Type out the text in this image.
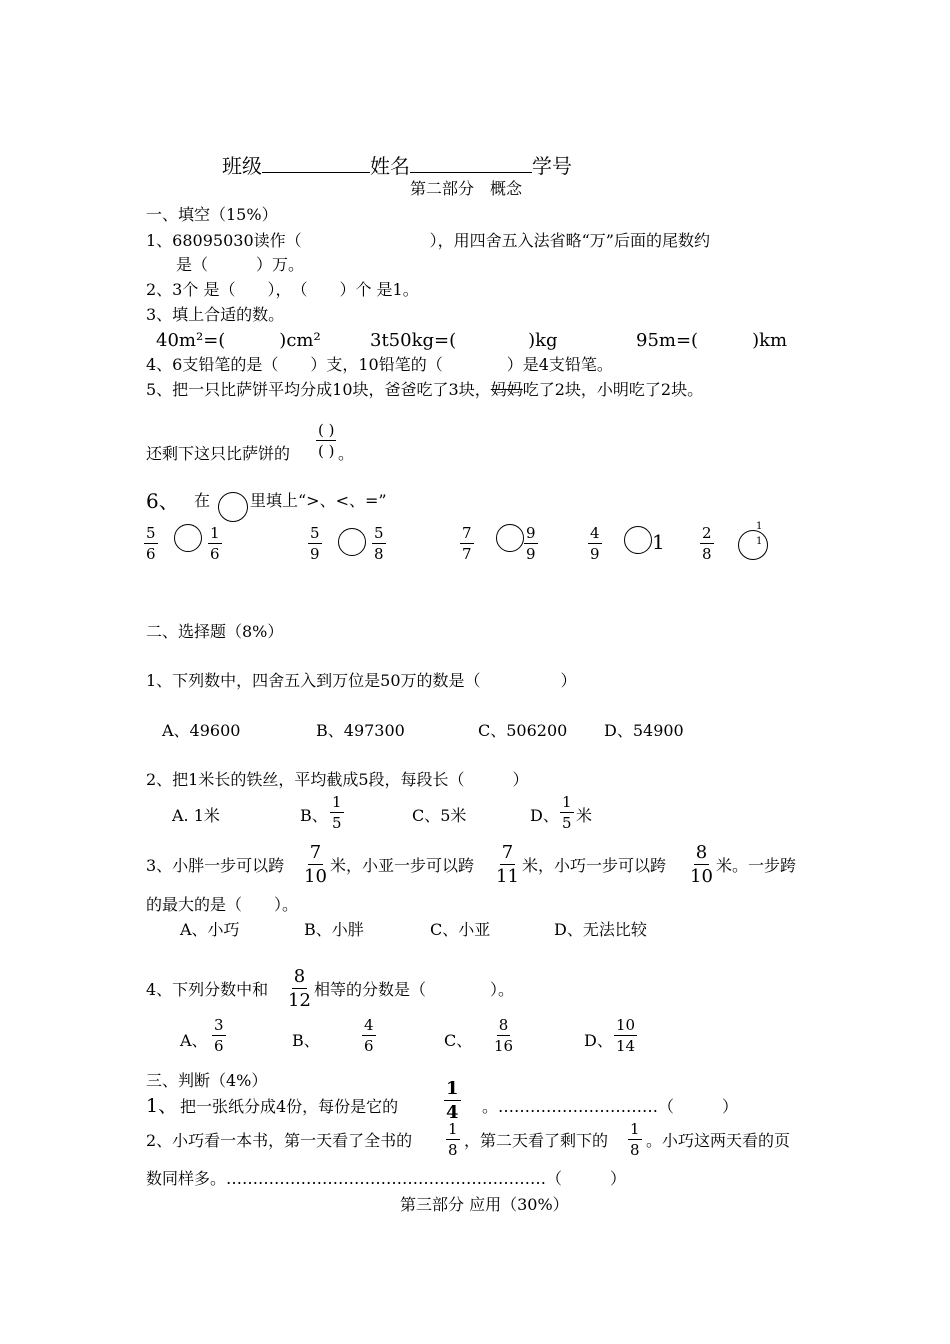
班级	姓名	学号
第二部分　概念
一、填空（15%）
1、68095030读作（　　　　　　　　），用四舍五入法省略“万”后面的尾数约
是（　　　）万。
2、3个 是（　　），　（　　）个 是1。
3、填上合适的数。
40m²=(　　　)cm²	3t50kg=(　　　　)kg	95m=(　　　)km
4、6支铅笔的是（　　）支，10铅笔的（　　　　）是4支铅笔。
5、把一只比萨饼平均分成10块，爸爸吃了3块，妈妈吃了2块，小明吃了2块。
还剩下这只比萨饼的
( )
( ) 。
6、 在 里填上“>、<、=”
$\frac{5}{6}$	$\frac{1}{6}$	$\frac{5}{9}$	$\frac{5}{8}$	$\frac{7}{7}$	$\frac{9}{9}$	$\frac{4}{9}$	$1 \frac{2}{8}$	1
1
二、选择题（8%）
1、下列数中，四舍五入到万位是50万的数是（　　　　　）
A、49600	B、497300	C、506200 D、54900
2、把1米长的铁丝，平均截成5段，每段长（　　　）
A. 1米	B、 $\frac{1}{5}$	C、5米	D、 $\frac{1}{5}$ 米
3、小胖一步可以跨 $\frac{7}{10}$ 米，小亚一步可以跨 $\frac{7}{11}$ 米，小巧一步可以跨 $\frac{8}{10}$ 米。一步跨
的最大的是（　　）。
A、小巧	B、小胖	C、小亚	D、无法比较
4、下列分数中和 $\frac{8}{12}$ 相等的分数是（　　　　）。
A、 $\frac{3}{6}$	B、	$\frac{4}{6}$	C、 $\frac{8}{16}$	D、 $\frac{10}{14}$
三、判断（4%）
1、 把一张纸分成4份，每份是它的	$\frac{1}{4}$ 。…………………………（　　　）
2、小巧看一本书，第一天看了全书的 $\frac{1}{8}$ ，第二天看了剩下的 $\frac{1}{8}$ 。小巧这两天看的页
数同样多。……………………………………………………（　　　）
第三部分 应用（30%）
